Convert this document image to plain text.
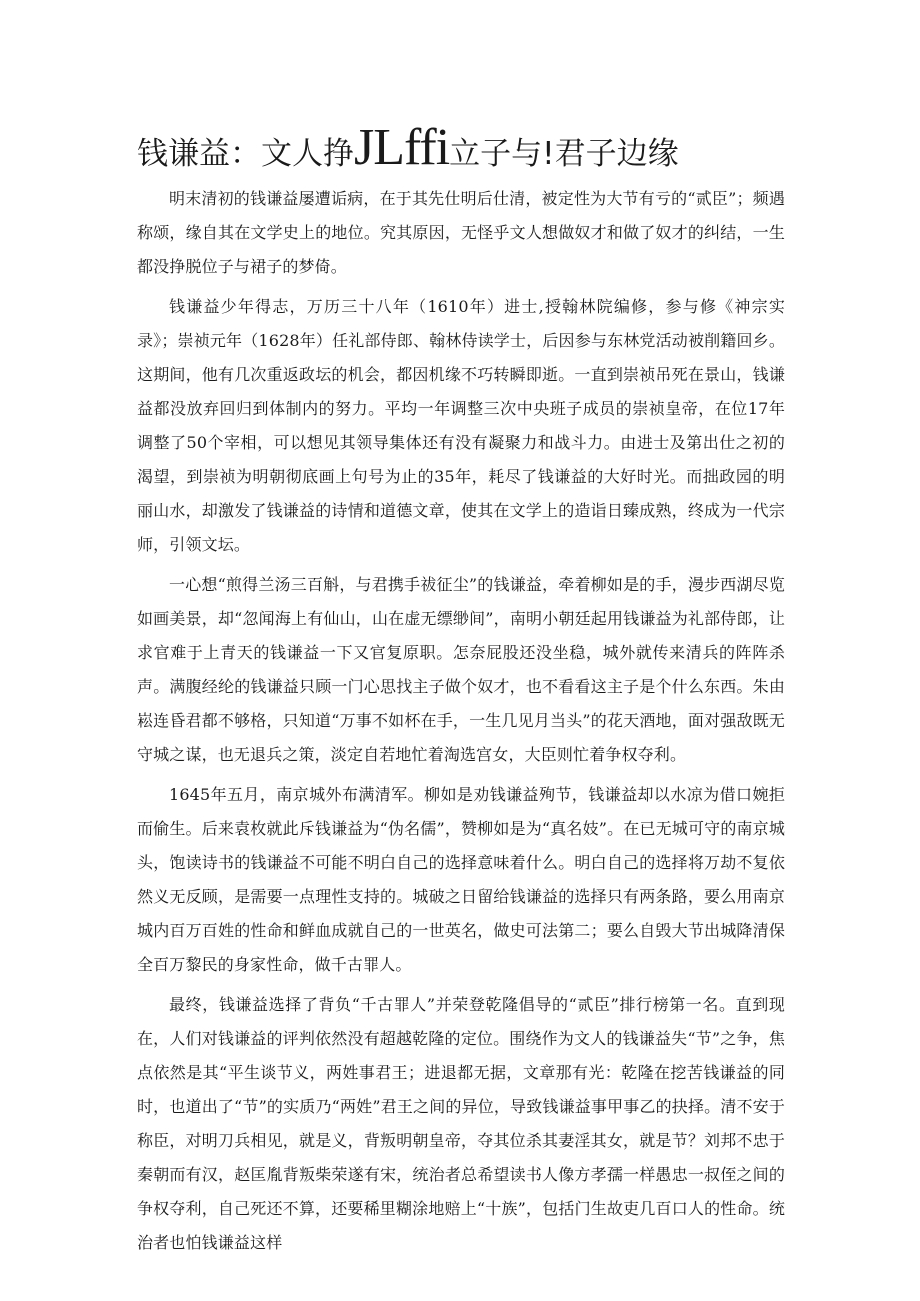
钱谦益：文人挣JLffi立子与!君子边缘

明末清初的钱谦益屡遭诟病，在于其先仕明后仕清，被定性为大节有亏的“贰臣”；频遇称颂，缘自其在文学史上的地位。究其原因，无怪乎文人想做奴才和做了奴才的纠结，一生都没挣脱位子与裙子的梦倚。

钱谦益少年得志，万历三十八年（1610年）进士,授翰林院编修，参与修《神宗实录》；崇祯元年（1628年）任礼部侍郎、翰林侍读学士，后因参与东林党活动被削籍回乡。这期间，他有几次重返政坛的机会，都因机缘不巧转瞬即逝。一直到崇祯吊死在景山，钱谦益都没放弃回归到体制内的努力。平均一年调整三次中央班子成员的崇祯皇帝，在位17年调整了50个宰相，可以想见其领导集体还有没有凝聚力和战斗力。由进士及第出仕之初的渴望，到崇祯为明朝彻底画上句号为止的35年，耗尽了钱谦益的大好时光。而拙政园的明丽山水，却激发了钱谦益的诗情和道德文章，使其在文学上的造诣日臻成熟，终成为一代宗师，引领文坛。

一心想“煎得兰汤三百斛，与君携手祓征尘”的钱谦益，牵着柳如是的手，漫步西湖尽览如画美景，却“忽闻海上有仙山，山在虚无缥缈间”，南明小朝廷起用钱谦益为礼部侍郎，让求官难于上青天的钱谦益一下又官复原职。怎奈屁股还没坐稳，城外就传来清兵的阵阵杀声。满腹经纶的钱谦益只顾一门心思找主子做个奴才，也不看看这主子是个什么东西。朱由崧连昏君都不够格，只知道“万事不如杯在手，一生几见月当头”的花天酒地，面对强敌既无守城之谋，也无退兵之策，淡定自若地忙着淘选宫女，大臣则忙着争权夺利。

1645年五月，南京城外布满清军。柳如是劝钱谦益殉节，钱谦益却以水凉为借口婉拒而偷生。后来袁枚就此斥钱谦益为“伪名儒”，赞柳如是为“真名妓”。在已无城可守的南京城头，饱读诗书的钱谦益不可能不明白自己的选择意味着什么。明白自己的选择将万劫不复依然义无反顾，是需要一点理性支持的。城破之日留给钱谦益的选择只有两条路，要么用南京城内百万百姓的性命和鲜血成就自己的一世英名，做史可法第二；要么自毁大节出城降清保全百万黎民的身家性命，做千古罪人。

最终，钱谦益选择了背负“千古罪人”并荣登乾隆倡导的“贰臣”排行榜第一名。直到现在，人们对钱谦益的评判依然没有超越乾隆的定位。围绕作为文人的钱谦益失“节”之争，焦点依然是其“平生谈节义，两姓事君王；进退都无据，文章那有光：乾隆在挖苦钱谦益的同时，也道出了“节”的实质乃“两姓”君王之间的异位，导致钱谦益事甲事乙的抉择。清不安于称臣，对明刀兵相见，就是义，背叛明朝皇帝，夺其位杀其妻淫其女，就是节？刘邦不忠于秦朝而有汉，赵匡胤背叛柴荣遂有宋，统治者总希望读书人像方孝孺一样愚忠一叔侄之间的争权夺利，自己死还不算，还要稀里糊涂地赔上“十族”，包括门生故吏几百口人的性命。统治者也怕钱谦益这样
